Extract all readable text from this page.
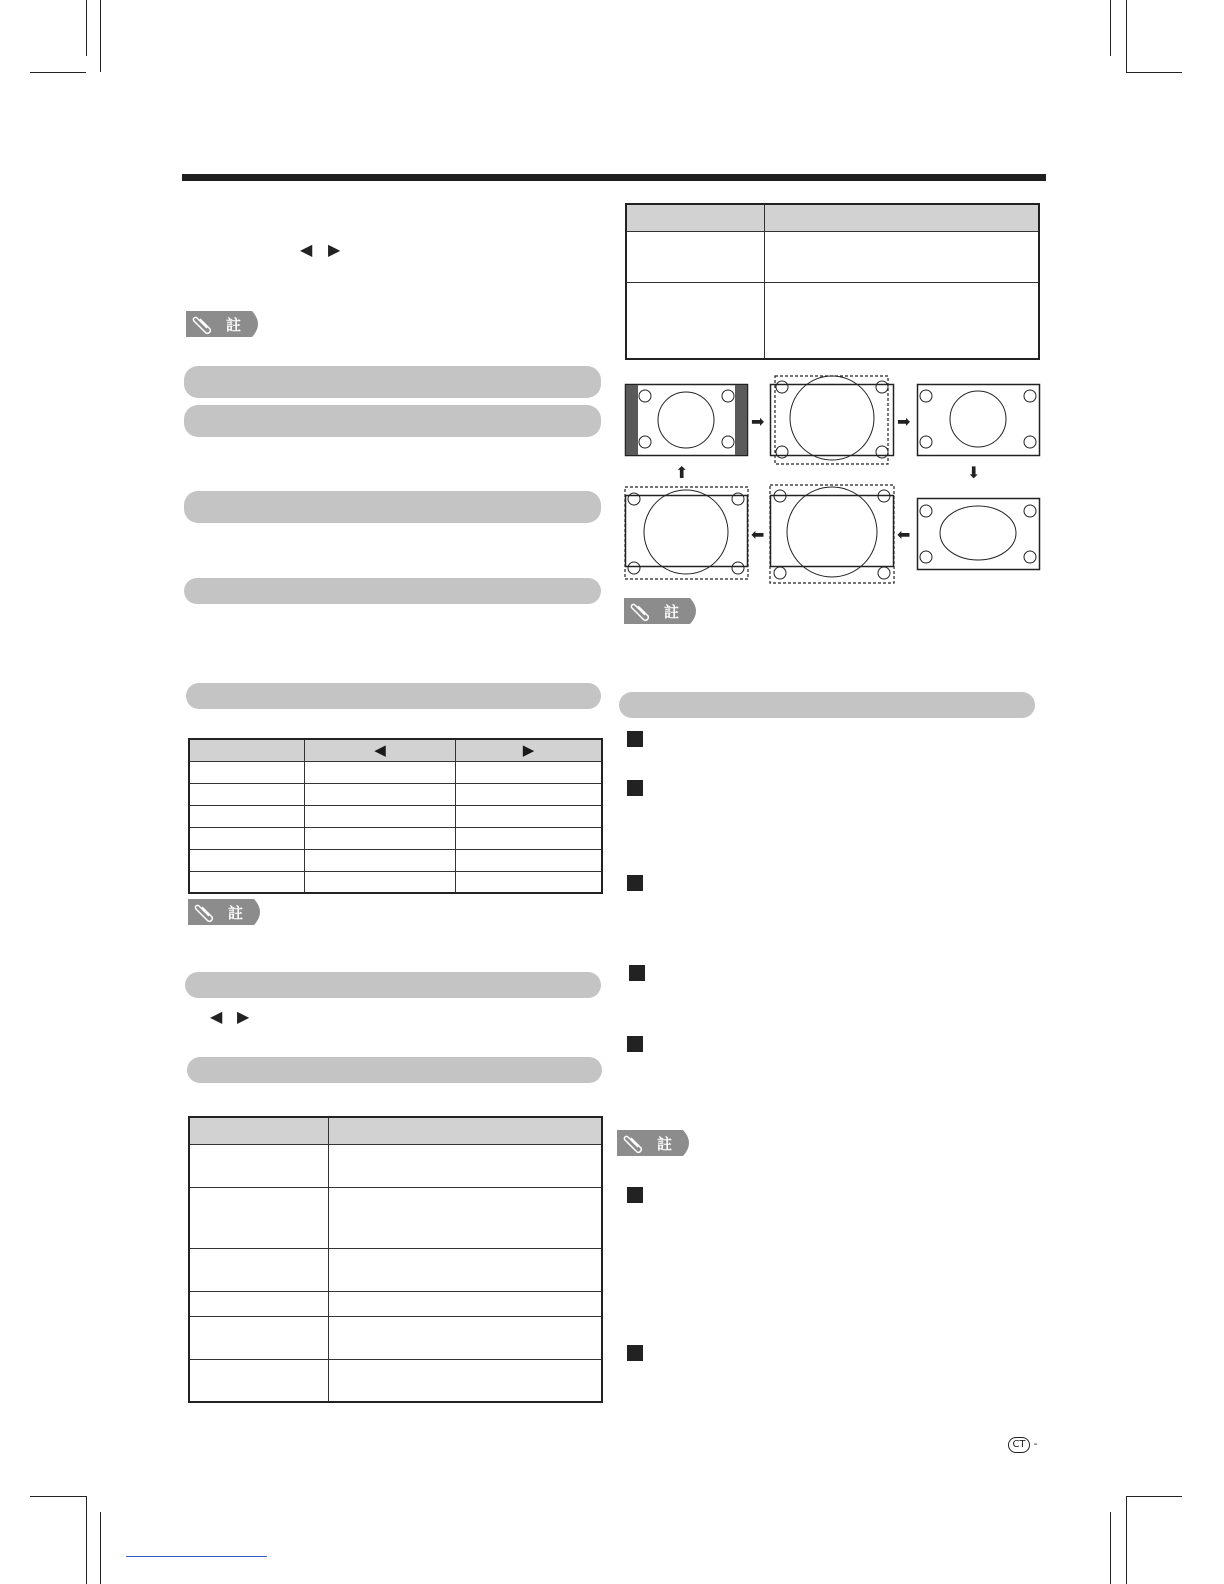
◀ ▶
註

	◀	▶

註
◀ ▶

➡	➡
⬇
⬅
⬅
⬆
註
註
CT -
